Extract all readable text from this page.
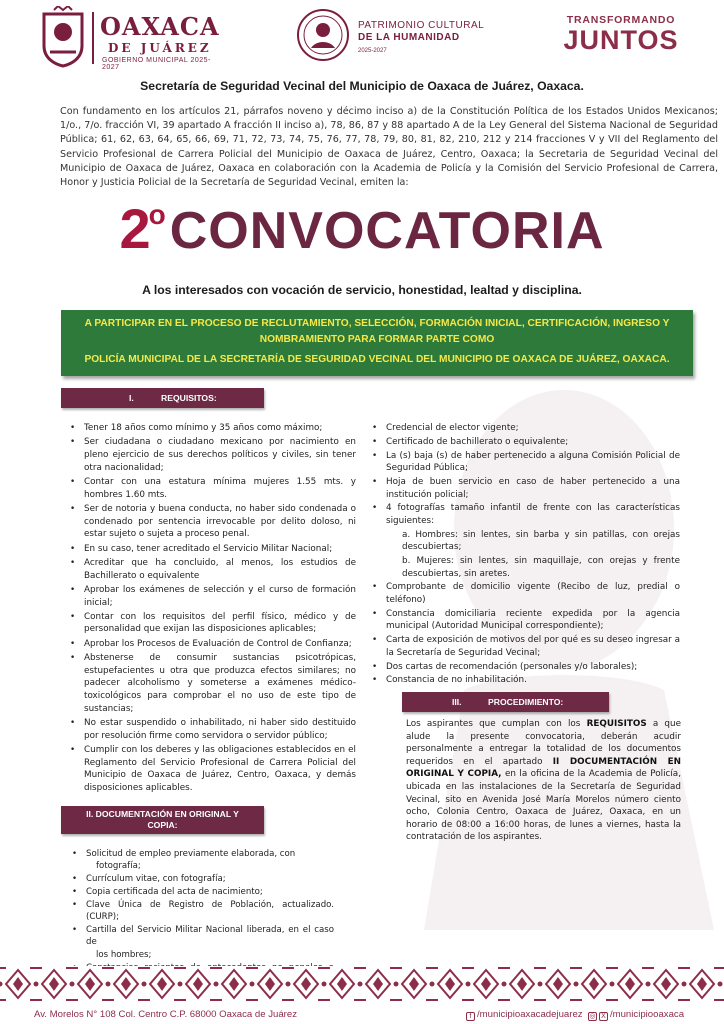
OAXACA
DE JUÁREZ
GOBIERNO MUNICIPAL 2025-2027
PATRIMONIO CULTURAL
DE LA HUMANIDAD
2025-2027
TRANSFORMANDO
JUNTOS
Secretaría de Seguridad Vecinal del Municipio de Oaxaca de Juárez, Oaxaca.
Con fundamento en los artículos 21, párrafos noveno y décimo inciso a) de la Constitución Política de los Estados Unidos Mexicanos; 1/o., 7/o. fracción VI, 39 apartado A fracción II inciso a), 78, 86, 87 y 88 apartado A de la Ley General del Sistema Nacional de Seguridad Pública; 61, 62, 63, 64, 65, 66, 69, 71, 72, 73, 74, 75, 76, 77, 78, 79, 80, 81, 82, 210, 212 y 214 fracciones V y VII del Reglamento del Servicio Profesional de Carrera Policial del Municipio de Oaxaca de Juárez, Centro, Oaxaca; la Secretaria de Seguridad Vecinal del Municipio de Oaxaca de Juárez, Oaxaca en colaboración con la Academia de Policía y la Comisión del Servicio Profesional de Carrera, Honor y Justicia Policial de la Secretaría de Seguridad Vecinal, emiten la:
2oCONVOCATORIA
A los interesados con vocación de servicio, honestidad, lealtad y disciplina.
A PARTICIPAR EN EL PROCESO DE RECLUTAMIENTO, SELECCIÓN, FORMACIÓN INICIAL, CERTIFICACIÓN, INGRESO Y NOMBRAMIENTO PARA FORMAR PARTE COMO
POLICÍA MUNICIPAL DE LA SECRETARÍA DE SEGURIDAD VECINAL DEL MUNICIPIO DE OAXACA DE JUÁREZ, OAXACA.
I.	REQUISITOS:
• Tener 18 años como mínimo y 35 años como máximo;
• Ser ciudadana o ciudadano mexicano por nacimiento en pleno ejercicio de sus derechos políticos y civiles, sin tener otra nacionalidad;
• Contar con una estatura mínima mujeres 1.55 mts. y hombres 1.60 mts.
• Ser de notoria y buena conducta, no haber sido condenada o condenado por sentencia irrevocable por delito doloso, ni estar sujeto o sujeta a proceso penal.
• En su caso, tener acreditado el Servicio Militar Nacional;
• Acreditar que ha concluido, al menos, los estudios de Bachillerato o equivalente
• Aprobar los exámenes de selección y el curso de formación inicial;
• Contar con los requisitos del perfil físico, médico y de personalidad que exijan las disposiciones aplicables;
• Aprobar los Procesos de Evaluación de Control de Confianza;
• Abstenerse de consumir sustancias psicotrópicas, estupefacientes u otra que produzca efectos similares; no padecer alcoholismo y someterse a exámenes médico-toxicológicos para comprobar el no uso de este tipo de sustancias;
• No estar suspendido o inhabilitado, ni haber sido destituido por resolución firme como servidora o servidor público;
• Cumplir con los deberes y las obligaciones establecidos en el Reglamento del Servicio Profesional de Carrera Policial del Municipio de Oaxaca de Juárez, Centro, Oaxaca, y demás disposiciones aplicables.
• Credencial de elector vigente;
• Certificado de bachillerato o equivalente;
• La (s) baja (s) de haber pertenecido a alguna Comisión Policial de Seguridad Pública;
• Hoja de buen servicio en caso de haber pertenecido a una institución policial;
• 4 fotografías tamaño infantil de frente con las características siguientes:
a. Hombres: sin lentes, sin barba y sin patillas, con orejas descubiertas;
b. Mujeres: sin lentes, sin maquillaje, con orejas y frente descubiertas, sin aretes.
• Comprobante de domicilio vigente (Recibo de luz, predial o teléfono)
• Constancia domiciliaria reciente expedida por la agencia municipal (Autoridad Municipal correspondiente);
• Carta de exposición de motivos del por qué es su deseo ingresar a la Secretaría de Seguridad Vecinal;
• Dos cartas de recomendación (personales y/o laborales);
• Constancia de no inhabilitación.
III.	PROCEDIMIENTO:
Los aspirantes que cumplan con los REQUISITOS a que alude la presente convocatoria, deberán acudir personalmente a entregar la totalidad de los documentos requeridos en el apartado II DOCUMENTACIÓN EN ORIGINAL Y COPIA, en la oficina de la Academia de Policía, ubicada en las instalaciones de la Secretaría de Seguridad Vecinal, sito en Avenida José María Morelos número ciento ocho, Colonia Centro, Oaxaca de Juárez, Oaxaca, en un horario de 08:00 a 16:00 horas, de lunes a viernes, hasta la contratación de los aspirantes.
II. DOCUMENTACIÓN EN ORIGINAL Y
COPIA:
• Solicitud de empleo previamente elaborada, con
fotografía;
• Currículum vitae, con fotografía;
• Copia certificada del acta de nacimiento;
• Clave Única de Registro de Población, actualizado. (CURP);
• Cartilla del Servicio Militar Nacional liberada, en el caso de
los hombres;
•
Av. Morelos N° 108 Col. Centro C.P. 68000 Oaxaca de Juárez	f /municipioaxacadejuarez ◎ X /municipiooaxaca
